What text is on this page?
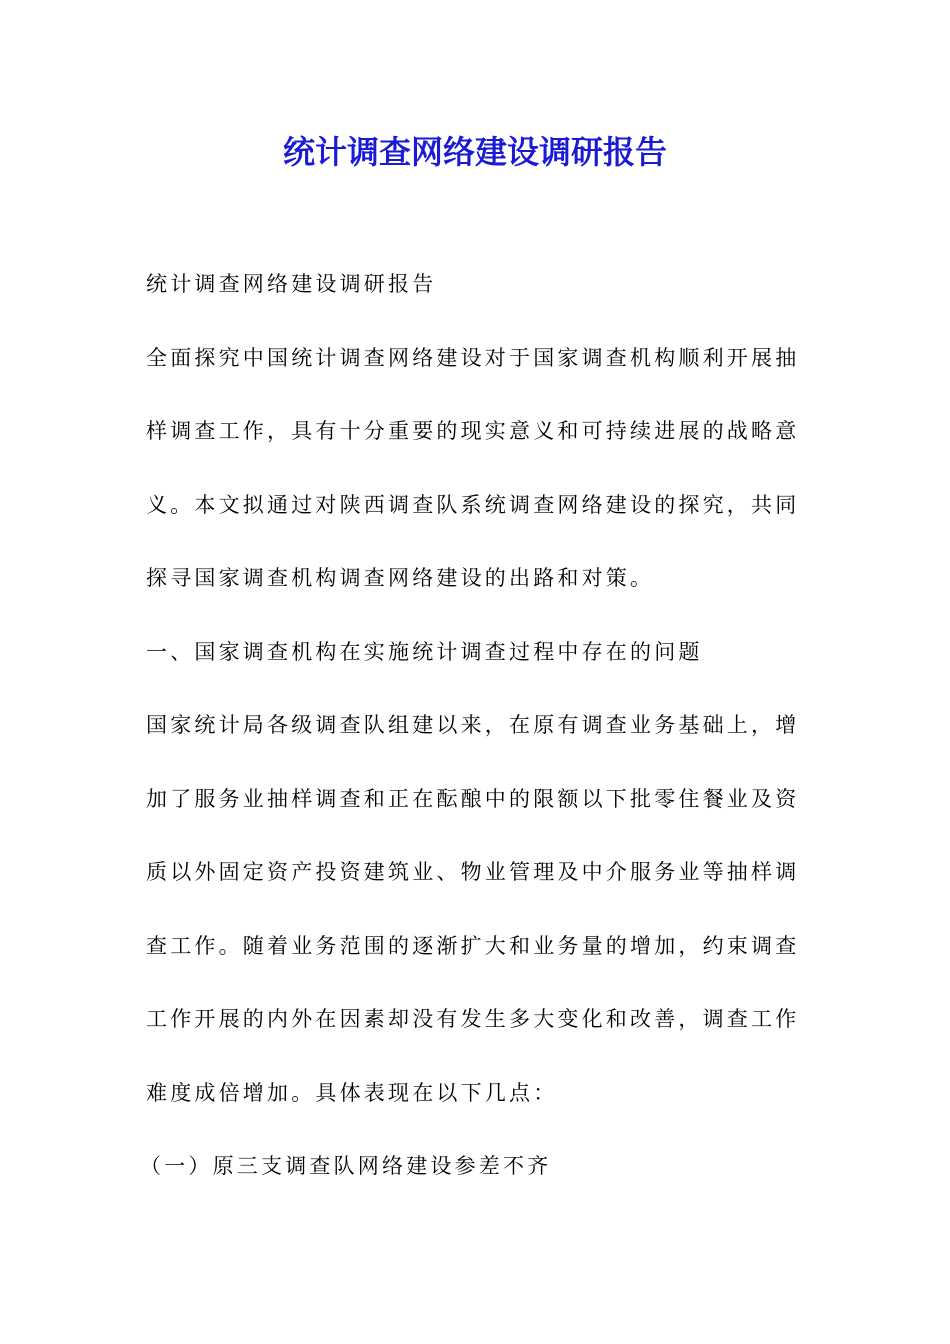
统计调查网络建设调研报告
统计调查网络建设调研报告
全面探究中国统计调查网络建设对于国家调查机构顺利开展抽
样调查工作，具有十分重要的现实意义和可持续进展的战略意
义。本文拟通过对陕西调查队系统调查网络建设的探究，共同
探寻国家调查机构调查网络建设的出路和对策。
一、国家调查机构在实施统计调查过程中存在的问题
国家统计局各级调查队组建以来，在原有调查业务基础上，增
加了服务业抽样调查和正在酝酿中的限额以下批零住餐业及资
质以外固定资产投资建筑业、物业管理及中介服务业等抽样调
查工作。随着业务范围的逐渐扩大和业务量的增加，约束调查
工作开展的内外在因素却没有发生多大变化和改善，调查工作
难度成倍增加。具体表现在以下几点：
（一）原三支调查队网络建设参差不齐
